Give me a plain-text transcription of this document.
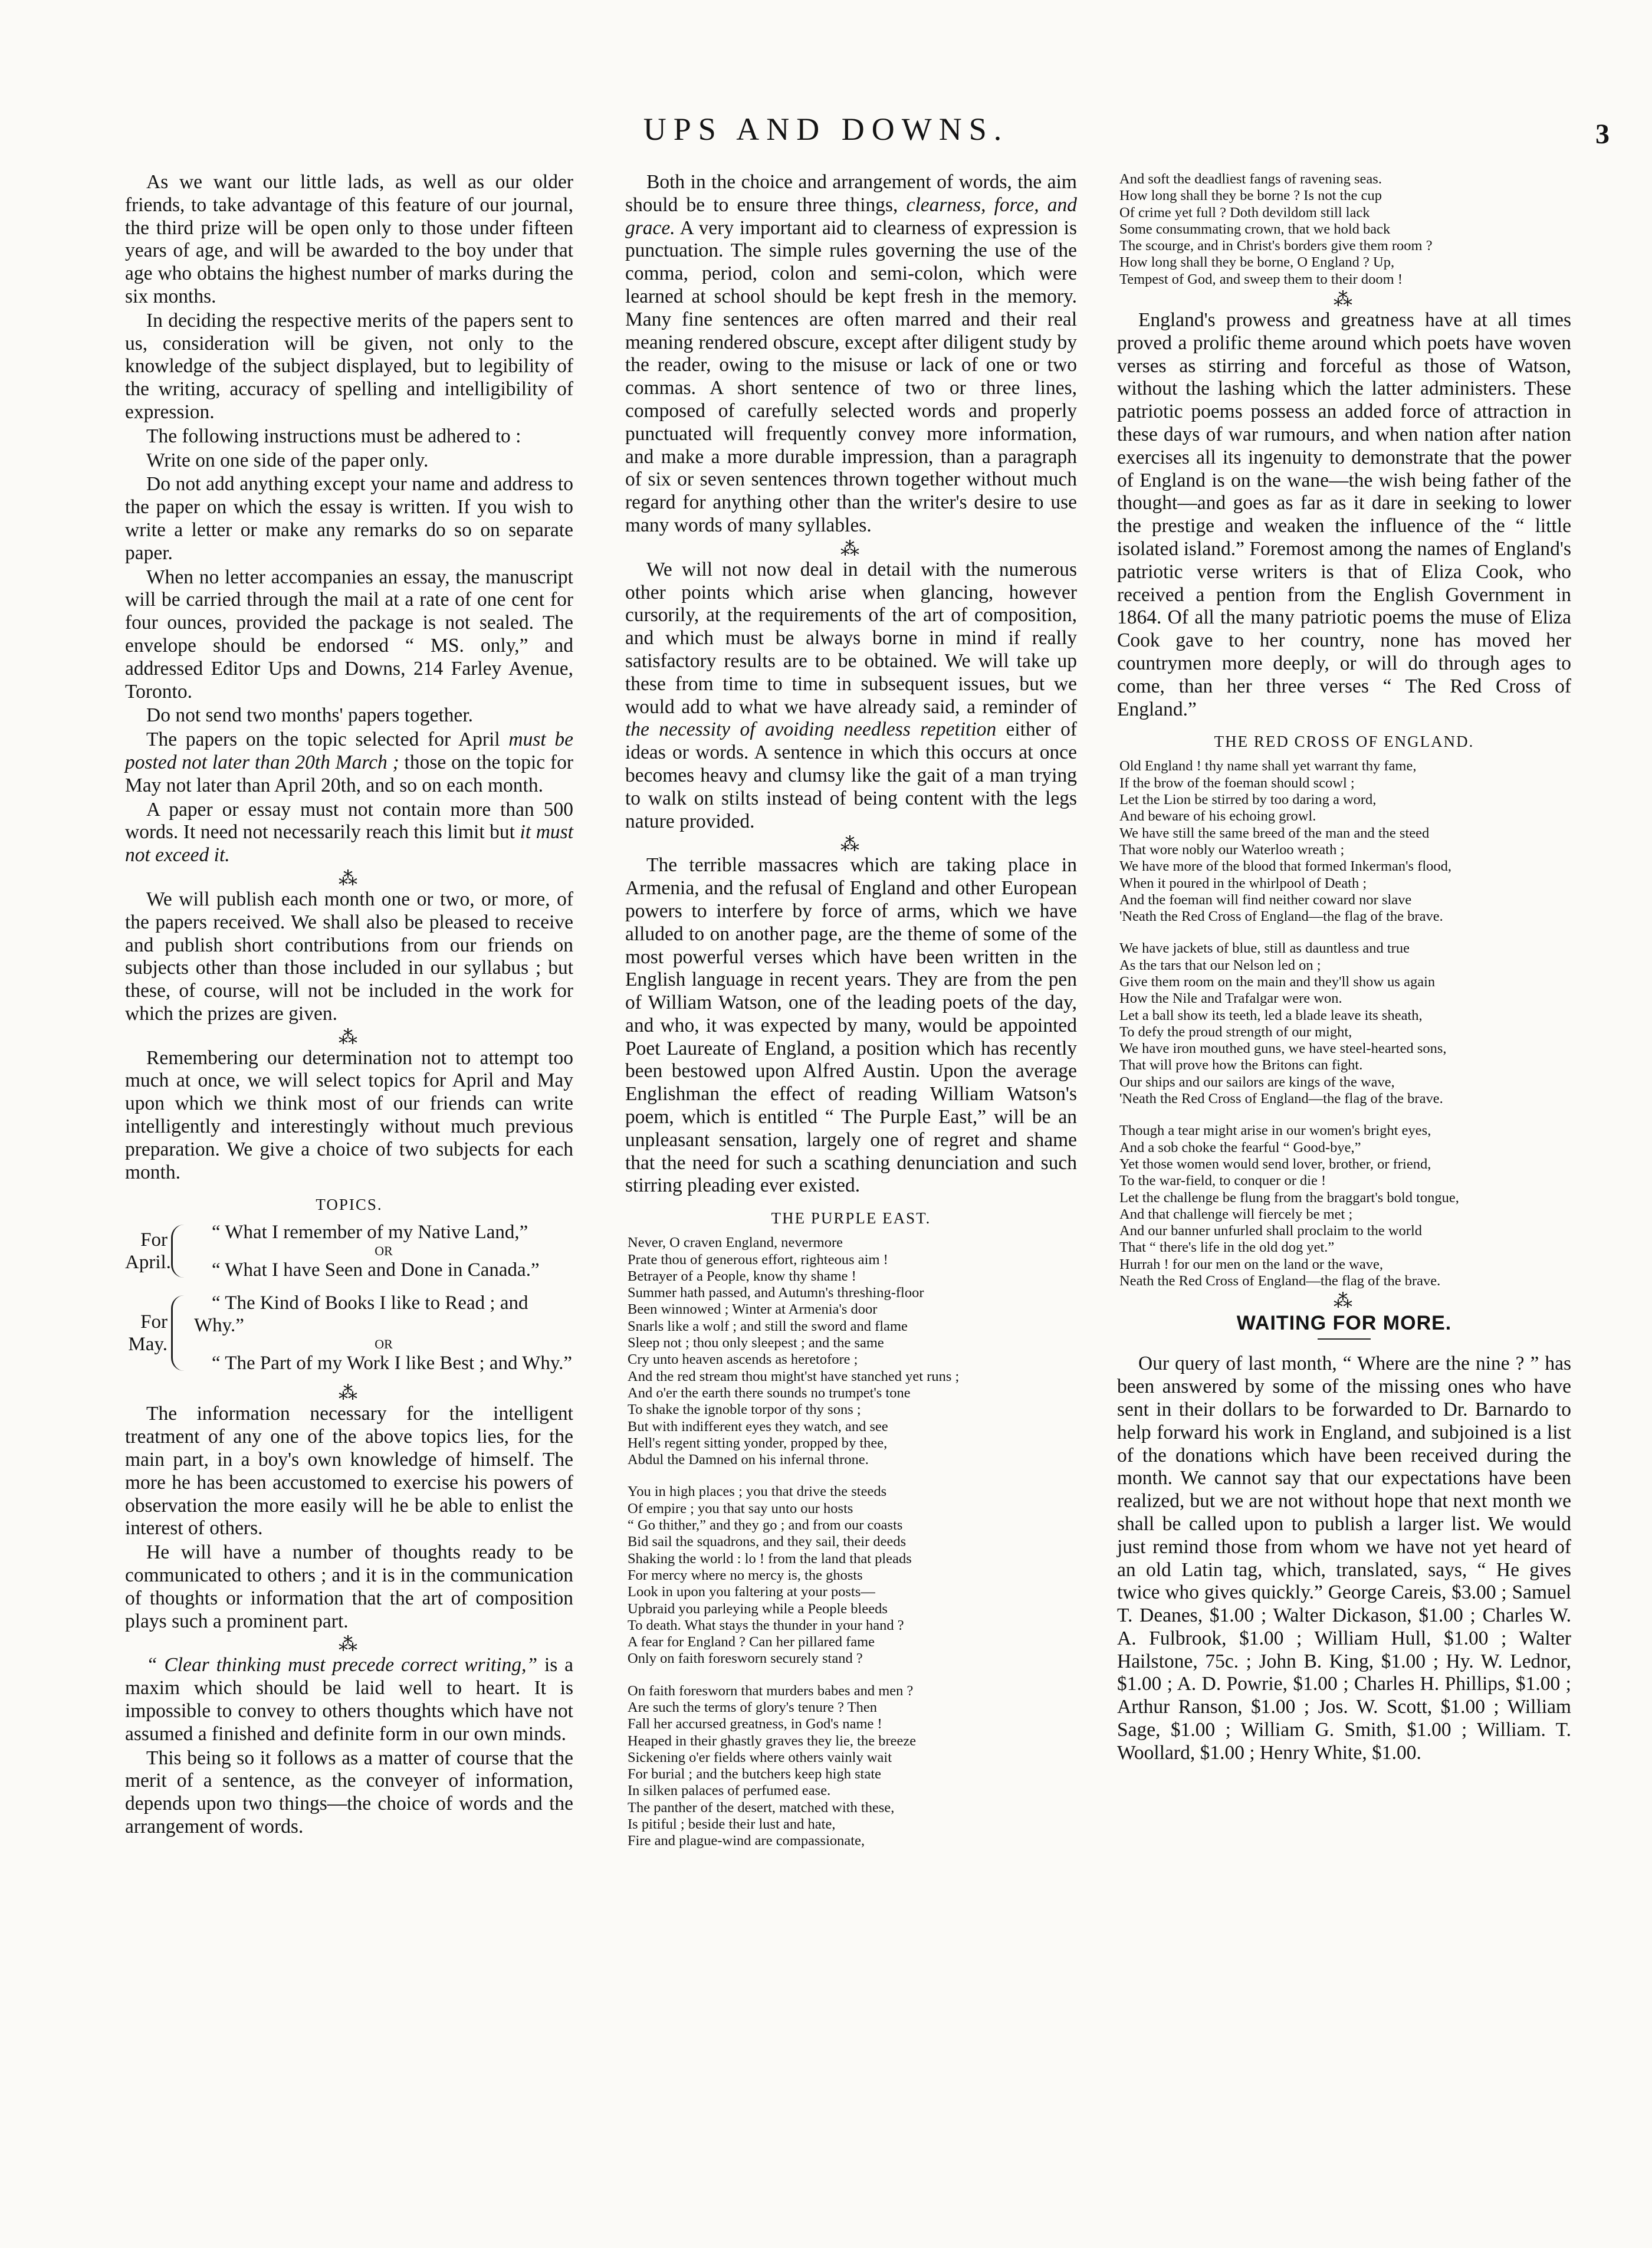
UPS AND DOWNS.	3

As we want our little lads, as well as our older friends, to take advantage of this feature of our journal, the third prize will be open only to those under fifteen years of age, and will be awarded to the boy under that age who obtains the highest number of marks during the six months.

In deciding the respective merits of the papers sent to us, consideration will be given, not only to the knowledge of the subject displayed, but to legibility of the writing, accuracy of spelling and intelligibility of expression.

The following instructions must be adhered to :

Write on one side of the paper only.

Do not add anything except your name and address to the paper on which the essay is written. If you wish to write a letter or make any remarks do so on separate paper.

When no letter accompanies an essay, the manuscript will be carried through the mail at a rate of one cent for four ounces, provided the package is not sealed. The envelope should be endorsed “ MS. only,” and addressed Editor Ups and Downs, 214 Farley Avenue, Toronto.

Do not send two months' papers together.

The papers on the topic selected for April must be posted not later than 20th March ; those on the topic for May not later than April 20th, and so on each month.

A paper or essay must not contain more than 500 words. It need not necessarily reach this limit but it must not exceed it.

⁂

We will publish each month one or two, or more, of the papers received. We shall also be pleased to receive and publish short contributions from our friends on subjects other than those included in our syllabus ; but these, of course, will not be included in the work for which the prizes are given.

⁂

Remembering our determination not to attempt too much at once, we will select topics for April and May upon which we think most of our friends can write intelligently and interestingly without much previous preparation. We give a choice of two subjects for each month.

TOPICS.
For April.
“ What I remember of my Native Land,”
OR
“ What I have Seen and Done in Canada.”
For May.
“ The Kind of Books I like to Read ; and Why.”
OR
“ The Part of my Work I like Best ; and Why.”
⁂

The information necessary for the intelligent treatment of any one of the above topics lies, for the main part, in a boy's own knowledge of himself. The more he has been accustomed to exercise his powers of observation the more easily will he be able to enlist the interest of others.

He will have a number of thoughts ready to be communicated to others ; and it is in the communication of thoughts or information that the art of composition plays such a prominent part.

⁂

“ Clear thinking must precede correct writing,” is a maxim which should be laid well to heart. It is impossible to convey to others thoughts which have not assumed a finished and definite form in our own minds.

This being so it follows as a matter of course that the merit of a sentence, as the conveyer of information, depends upon two things—the choice of words and the arrangement of words.

Both in the choice and arrangement of words, the aim should be to ensure three things, clearness, force, and grace. A very important aid to clearness of expression is punctuation. The simple rules governing the use of the comma, period, colon and semi-colon, which were learned at school should be kept fresh in the memory. Many fine sentences are often marred and their real meaning rendered obscure, except after diligent study by the reader, owing to the misuse or lack of one or two commas. A short sentence of two or three lines, composed of carefully selected words and properly punctuated will frequently convey more information, and make a more durable impression, than a paragraph of six or seven sentences thrown together without much regard for anything other than the writer's desire to use many words of many syllables.

⁂

We will not now deal in detail with the numerous other points which arise when glancing, however cursorily, at the requirements of the art of composition, and which must be always borne in mind if really satisfactory results are to be obtained. We will take up these from time to time in subsequent issues, but we would add to what we have already said, a reminder of the necessity of avoiding needless repetition either of ideas or words. A sentence in which this occurs at once becomes heavy and clumsy like the gait of a man trying to walk on stilts instead of being content with the legs nature provided.

⁂

The terrible massacres which are taking place in Armenia, and the refusal of England and other European powers to interfere by force of arms, which we have alluded to on another page, are the theme of some of the most powerful verses which have been written in the English language in recent years. They are from the pen of William Watson, one of the leading poets of the day, and who, it was expected by many, would be appointed Poet Laureate of England, a position which has recently been bestowed upon Alfred Austin. Upon the average Englishman the effect of reading William Watson's poem, which is entitled “ The Purple East,” will be an unpleasant sensation, largely one of regret and shame that the need for such a scathing denunciation and such stirring pleading ever existed.

THE PURPLE EAST.
Never, O craven England, nevermore
Prate thou of generous effort, righteous aim !
Betrayer of a People, know thy shame !
Summer hath passed, and Autumn's threshing-floor
Been winnowed ; Winter at Armenia's door
Snarls like a wolf ; and still the sword and flame
Sleep not ; thou only sleepest ; and the same
Cry unto heaven ascends as heretofore ;
And the red stream thou might'st have stanched yet runs ;
And o'er the earth there sounds no trumpet's tone
To shake the ignoble torpor of thy sons ;
But with indifferent eyes they watch, and see
Hell's regent sitting yonder, propped by thee,
Abdul the Damned on his infernal throne.
You in high places ; you that drive the steeds
Of empire ; you that say unto our hosts
“ Go thither,” and they go ; and from our coasts
Bid sail the squadrons, and they sail, their deeds
Shaking the world : lo ! from the land that pleads
For mercy where no mercy is, the ghosts
Look in upon you faltering at your posts—
Upbraid you parleying while a People bleeds
To death. What stays the thunder in your hand ?
A fear for England ? Can her pillared fame
Only on faith foresworn securely stand ?
On faith foresworn that murders babes and men ?
Are such the terms of glory's tenure ? Then
Fall her accursed greatness, in God's name !
Heaped in their ghastly graves they lie, the breeze
Sickening o'er fields where others vainly wait
For burial ; and the butchers keep high state
In silken palaces of perfumed ease.
The panther of the desert, matched with these,
Is pitiful ; beside their lust and hate,
Fire and plague-wind are compassionate,
And soft the deadliest fangs of ravening seas.
How long shall they be borne ? Is not the cup
Of crime yet full ? Doth devildom still lack
Some consummating crown, that we hold back
The scourge, and in Christ's borders give them room ?
How long shall they be borne, O England ? Up,
Tempest of God, and sweep them to their doom !
⁂

England's prowess and greatness have at all times proved a prolific theme around which poets have woven verses as stirring and forceful as those of Watson, without the lashing which the latter administers. These patriotic poems possess an added force of attraction in these days of war rumours, and when nation after nation exercises all its ingenuity to demonstrate that the power of England is on the wane—the wish being father of the thought—and goes as far as it dare in seeking to lower the prestige and weaken the influence of the “ little isolated island.” Foremost among the names of England's patriotic verse writers is that of Eliza Cook, who received a pention from the English Government in 1864. Of all the many patriotic poems the muse of Eliza Cook gave to her country, none has moved her countrymen more deeply, or will do through ages to come, than her three verses “ The Red Cross of England.”

THE RED CROSS OF ENGLAND.
Old England ! thy name shall yet warrant thy fame,
If the brow of the foeman should scowl ;
Let the Lion be stirred by too daring a word,
And beware of his echoing growl.
We have still the same breed of the man and the steed
That wore nobly our Waterloo wreath ;
We have more of the blood that formed Inkerman's flood,
When it poured in the whirlpool of Death ;
And the foeman will find neither coward nor slave
'Neath the Red Cross of England—the flag of the brave.
We have jackets of blue, still as dauntless and true
As the tars that our Nelson led on ;
Give them room on the main and they'll show us again
How the Nile and Trafalgar were won.
Let a ball show its teeth, led a blade leave its sheath,
To defy the proud strength of our might,
We have iron mouthed guns, we have steel-hearted sons,
That will prove how the Britons can fight.
Our ships and our sailors are kings of the wave,
'Neath the Red Cross of England—the flag of the brave.
Though a tear might arise in our women's bright eyes,
And a sob choke the fearful “ Good-bye,”
Yet those women would send lover, brother, or friend,
To the war-field, to conquer or die !
Let the challenge be flung from the braggart's bold tongue,
And that challenge will fiercely be met ;
And our banner unfurled shall proclaim to the world
That “ there's life in the old dog yet.”
Hurrah ! for our men on the land or the wave,
Neath the Red Cross of England—the flag of the brave.
⁂
WAITING FOR MORE.

Our query of last month, “ Where are the nine ? ” has been answered by some of the missing ones who have sent in their dollars to be forwarded to Dr. Barnardo to help forward his work in England, and subjoined is a list of the donations which have been received during the month. We cannot say that our expectations have been realized, but we are not without hope that next month we shall be called upon to publish a larger list. We would just remind those from whom we have not yet heard of an old Latin tag, which, translated, says, “ He gives twice who gives quickly.” George Careis, $3.00 ; Samuel T. Deanes, $1.00 ; Walter Dickason, $1.00 ; Charles W. A. Fulbrook, $1.00 ; William Hull, $1.00 ; Walter Hailstone, 75c. ; John B. King, $1.00 ; Hy. W. Lednor, $1.00 ; A. D. Powrie, $1.00 ; Charles H. Phillips, $1.00 ; Arthur Ranson, $1.00 ; Jos. W. Scott, $1.00 ; William Sage, $1.00 ; William G. Smith, $1.00 ; William. T. Woollard, $1.00 ; Henry White, $1.00.
